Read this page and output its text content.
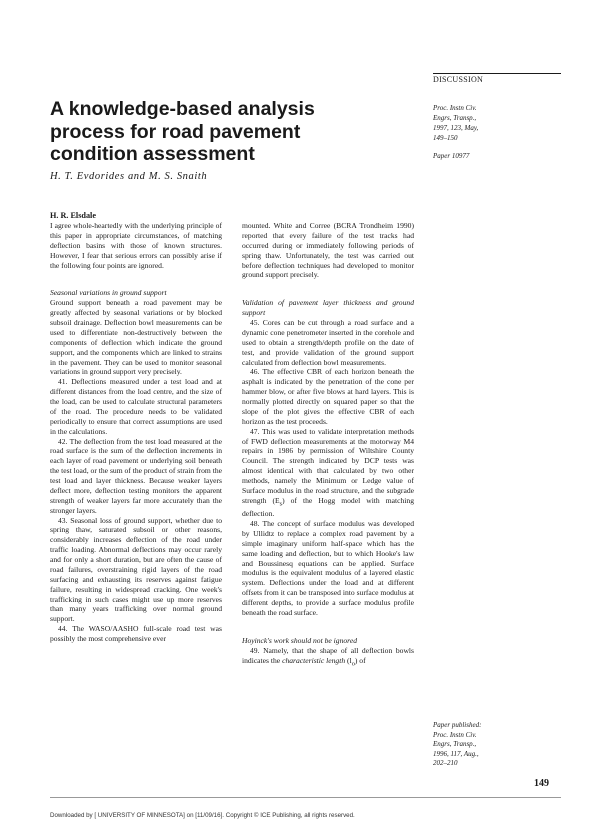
DISCUSSION
A knowledge-based analysis process for road pavement condition assessment
H. T. Evdorides and M. S. Snaith
Proc. Instn Civ.
Engrs, Transp.,
1997, 123, May,
149–150
Paper 10977

H. R. Elsdale

I agree whole-heartedly with the underlying principle of this paper in appropriate circumstances, of matching deflection basins with those of known structures. However, I fear that serious errors can possibly arise if the following four points are ignored.

Seasonal variations in ground support

Ground support beneath a road pavement may be greatly affected by seasonal variations or by blocked subsoil drainage. Deflection bowl measurements can be used to differentiate non-destructively between the components of deflection which indicate the ground support, and the components which are linked to strains in the pavement. They can be used to monitor seasonal variations in ground support very precisely.

41. Deflections measured under a test load and at different distances from the load centre, and the size of the load, can be used to calculate structural parameters of the road. The procedure needs to be validated periodically to ensure that correct assumptions are used in the calculations.

42. The deflection from the test load measured at the road surface is the sum of the deflection increments in each layer of road pavement or underlying soil beneath the test load, or the sum of the product of strain from the test load and layer thickness. Because weaker layers deflect more, deflection testing monitors the apparent strength of weaker layers far more accurately than the stronger layers.

43. Seasonal loss of ground support, whether due to spring thaw, saturated subsoil or other reasons, considerably increases deflection of the road under traffic loading. Abnormal deflections may occur rarely and for only a short duration, but are often the cause of road failures, overstraining rigid layers of the road surfacing and exhausting its reserves against fatigue failure, resulting in widespread cracking. One week's trafficking in such cases might use up more reserves than many years trafficking over normal ground support.

44. The WASO/AASHO full-scale road test was possibly the most comprehensive ever

mounted. White and Corree (BCRA Trondheim 1990) reported that every failure of the test tracks had occurred during or immediately following periods of spring thaw. Unfortunately, the test was carried out before deflection techniques had developed to monitor ground support precisely.

Validation of pavement layer thickness and ground support

45. Cores can be cut through a road surface and a dynamic cone penetrometer inserted in the corehole and used to obtain a strength/depth profile on the date of test, and provide validation of the ground support calculated from deflection bowl measurements.

46. The effective CBR of each horizon beneath the asphalt is indicated by the penetration of the cone per hammer blow, or after five blows at hard layers. This is normally plotted directly on squared paper so that the slope of the plot gives the effective CBR of each horizon as the test proceeds.

47. This was used to validate interpretation methods of FWD deflection measurements at the motorway M4 repairs in 1986 by permission of Wiltshire County Council. The strength indicated by DCP tests was almost identical with that calculated by two other methods, namely the Minimum or Ledge value of Surface modulus in the road structure, and the subgrade strength $(E_s)$ of the Hogg model with matching deflection.

48. The concept of surface modulus was developed by Ullidtz to replace a complex road pavement by a simple imaginary uniform half-space which has the same loading and deflection, but to which Hooke's law and Boussinesq equations can be applied. Surface modulus is the equivalent modulus of a layered elastic system. Deflections under the load and at different offsets from it can be transposed into surface modulus at different depths, to provide a surface modulus profile beneath the road surface.

Hoyinck's work should not be ignored

49. Namely, that the shape of all deflection bowls indicates the characteristic length $(l_o)$ of

Paper published:
Proc. Instn Civ.
Engrs, Transp.,
1996, 117, Aug.,
202–210
149
Downloaded by [ UNIVERSITY OF MINNESOTA] on [11/09/16]. Copyright © ICE Publishing, all rights reserved.
